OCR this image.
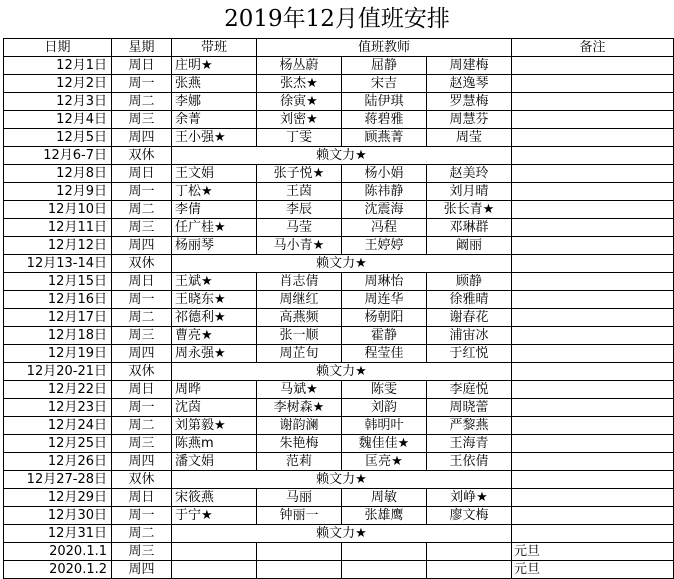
2019年12月值班安排
日期	星期	带班	值班教师			备注
12月1日	周日	庄明★	杨丛蔚	屈静	周建梅	
12月2日	周一	张燕	张杰★	宋吉	赵逸琴	
12月3日	周二	李娜	徐寅★	陆伊琪	罗慧梅	
12月4日	周三	余菁	刘密★	蒋碧雅	周慧芬	
12月5日	周四	王小强★	丁雯	顾燕菁	周莹	
12月6-7日	双休	赖文力★				
12月8日	周日	王文娟	张子悦★	杨小娟	赵美玲	
12月9日	周一	丁松★	王茵	陈祎静	刘月晴	
12月10日	周二	李倩	李辰	沈震海	张长青★	
12月11日	周三	任广桂★	马莹	冯程	邓琳群	
12月12日	周四	杨丽琴	马小青★	王婷婷	阚丽	
12月13-14日	双休	赖文力★				
12月15日	周日	王斌★	肖志倩	周琳怡	顾静	
12月16日	周一	王晓东★	周继红	周连华	徐雅晴	
12月17日	周二	祁德利★	高燕频	杨朝阳	谢春花	
12月18日	周三	曹亮★	张一顺	霍静	浦宙冰	
12月19日	周四	周永强★	周芷旬	程莹佳	于红悦	
12月20-21日	双休	赖文力★				
12月22日	周日	周晔	马斌★	陈雯	李庭悦	
12月23日	周一	沈茵	李树森★	刘韵	周晓蕾	
12月24日	周二	刘第毅★	谢韵澜	韩明叶	严黎燕	
12月25日	周三	陈燕m	朱艳梅	魏佳佳★	王海青	
12月26日	周四	潘文娟	范莉	匡亮★	王依倩	
12月27-28日	双休	赖文力★				
12月29日	周日	宋筱燕	马丽	周敏	刘峥★	
12月30日	周一	于宁★	钟丽一	张雄鹰	廖文梅	
12月31日	周二	赖文力★				
2020.1.1	周三					元旦
2020.1.2	周四					元旦
